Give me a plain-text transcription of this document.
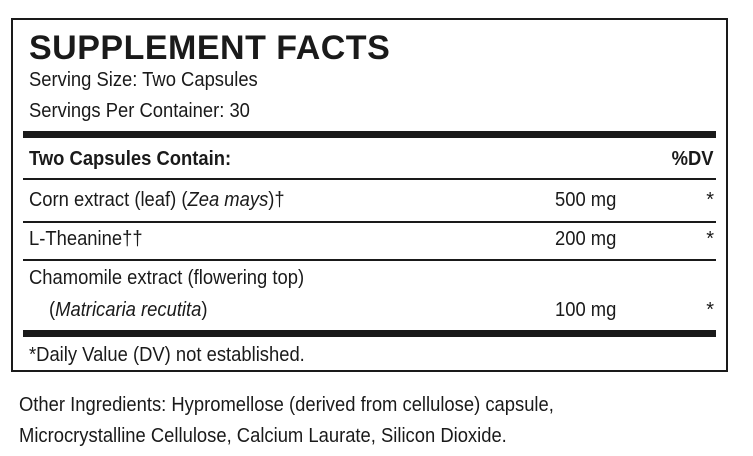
SUPPLEMENT FACTS
Serving Size: Two Capsules
Servings Per Container: 30
Two Capsules Contain:	%DV
Corn extract (leaf) (Zea mays)†	500 mg	*
L-Theanine††	200 mg	*
Chamomile extract (flowering top)
(Matricaria recutita)	100 mg	*
*Daily Value (DV) not established.
Other Ingredients: Hypromellose (derived from cellulose) capsule,
Microcrystalline Cellulose, Calcium Laurate, Silicon Dioxide.
